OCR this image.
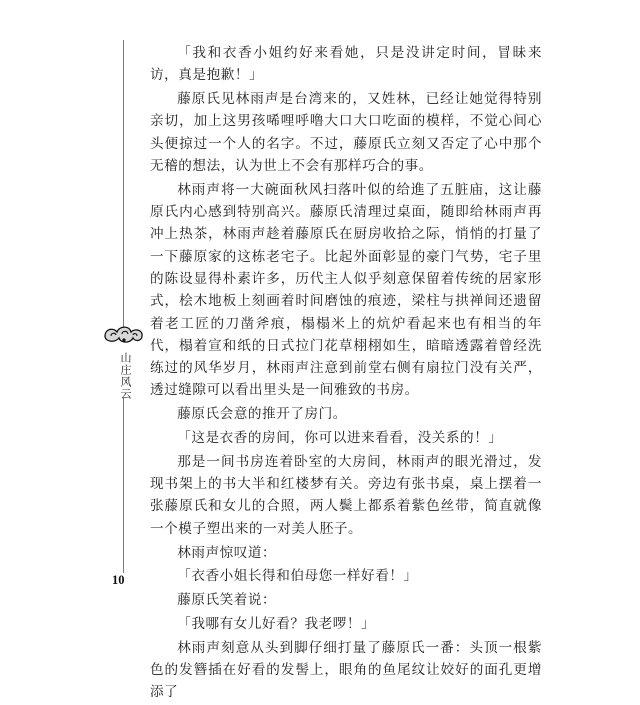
山庄风云
10

「我和衣香小姐约好来看她，只是没讲定时间，冒昧来访，真是抱歉！」

藤原氏见林雨声是台湾来的，又姓林，已经让她觉得特别亲切，加上这男孩唏哩呼噜大口大口吃面的模样，不觉心间心头便掠过一个人的名字。不过，藤原氏立刻又否定了心中那个无稽的想法，认为世上不会有那样巧合的事。

林雨声将一大碗面秋风扫落叶似的给進了五脏庙，这让藤原氏内心感到特别高兴。藤原氏清理过桌面，随即给林雨声再冲上热茶，林雨声趁着藤原氏在厨房收拾之际，悄悄的打量了一下藤原家的这栋老宅子。比起外面彰显的豪门气势，宅子里的陈设显得朴素许多，历代主人似乎刻意保留着传统的居家形式，桧木地板上刻画着时间磨蚀的痕迹，梁柱与拱禅间还遗留着老工匠的刀凿斧痕，榻榻米上的炕炉看起来也有相当的年代，榻着宣和纸的日式拉门花草栩栩如生，暗暗透露着曾经洗练过的风华岁月，林雨声注意到前堂右侧有扇拉门没有关严，透过缝隙可以看出里头是一间雅致的书房。

藤原氏会意的推开了房门。

「这是衣香的房间，你可以进来看看，没关系的！」

那是一间书房连着卧室的大房间，林雨声的眼光滑过，发现书架上的书大半和红楼梦有关。旁边有张书桌，桌上摆着一张藤原氏和女儿的合照，两人鬓上都系着紫色丝带，简直就像一个模子塑出来的一对美人胚子。

林雨声惊叹道：

「衣香小姐长得和伯母您一样好看！」

藤原氏笑着说：

「我哪有女儿好看？我老啰！」

林雨声刻意从头到脚仔细打量了藤原氏一番：头顶一根紫色的发簪插在好看的发髻上，眼角的鱼尾纹让姣好的面孔更增添了
